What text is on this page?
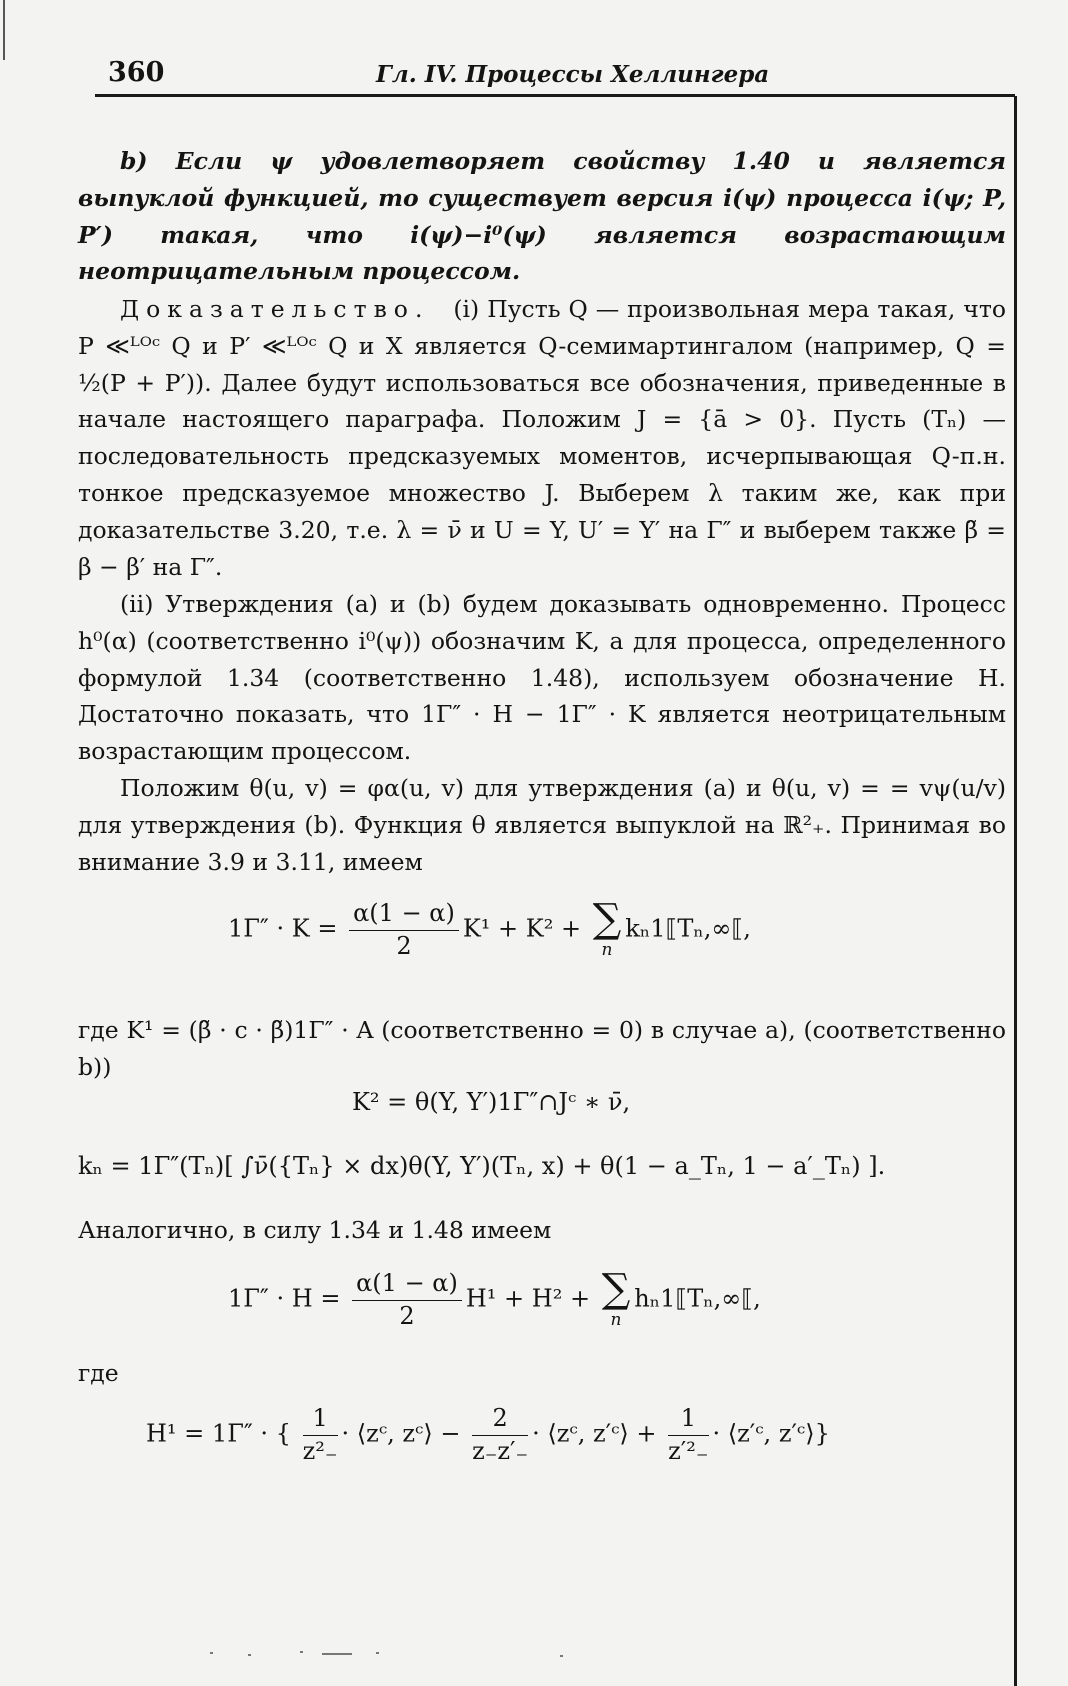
360	Гл. IV. Процессы Хеллингера
b) Если ψ удовлетворяет свойству 1.40 и является выпуклой функцией, то существует версия i(ψ) процесса i(ψ; P, P′) такая, что i(ψ)−i⁰(ψ) является возрастающим неотрицательным процессом.
Доказательство. (i) Пусть Q — произвольная мера такая, что P ≪ᴸᴼᶜ Q и P′ ≪ᴸᴼᶜ Q и X является Q-семимартингалом (например, Q = ½(P + P′)). Далее будут использоваться все обозначения, приведенные в начале настоящего параграфа. Положим J = {ā > 0}. Пусть (Tₙ) — последовательность предсказуемых моментов, исчерпывающая Q-п.н. тонкое предсказуемое множество J. Выберем λ таким же, как при доказательстве 3.20, т.е. λ = ν̄ и U = Y, U′ = Y′ на Γ″ и выберем также β̃ = β − β′ на Γ″.
(ii) Утверждения (a) и (b) будем доказывать одновременно. Процесс h⁰(α) (соответственно i⁰(ψ)) обозначим K, а для процесса, определенного формулой 1.34 (соответственно 1.48), используем обозначение H. Достаточно показать, что 1Γ″ · H − 1Γ″ · K является неотрицательным возрастающим процессом.
Положим θ(u, v) = φα(u, v) для утверждения (a) и θ(u, v) = = vψ(u/v) для утверждения (b). Функция θ является выпуклой на ℝ²₊. Принимая во внимание 3.9 и 3.11, имеем
$1\Gamma'' \cdot K = \frac{\alpha(1 - \alpha)}{2} K^1 + K^2$ + ∑
n
kₙ1⟦Tₙ,∞⟦,
где K¹ = (β̃ · c · β̃)1Γ″ · A (соответственно = 0) в случае a), (соответственно b))
K² = θ(Y, Y′)1Γ″∩Jᶜ ∗ ν̄,
kₙ = 1Γ″(Tₙ)[ ∫ν̄({Tₙ} × dx)θ(Y, Y′)(Tₙ, x) + θ(1 − a_Tₙ, 1 − a′_Tₙ) ].
Аналогично, в силу 1.34 и 1.48 имеем
$1\Gamma'' \cdot H = \frac{\alpha(1 - \alpha)}{2} H^1 + H^2$ + ∑
n
hₙ1⟦Tₙ,∞⟦,
где
H¹ = 1Γ″ · { $\frac{1}{\text{z²₋}}$ · ⟨zᶜ, zᶜ⟩ − $\frac{2}{z_-z'_-}$ · ⟨zᶜ, z′ᶜ⟩ + $\frac{1}{\text{z′²₋}}$ · ⟨z′ᶜ, z′ᶜ⟩}
